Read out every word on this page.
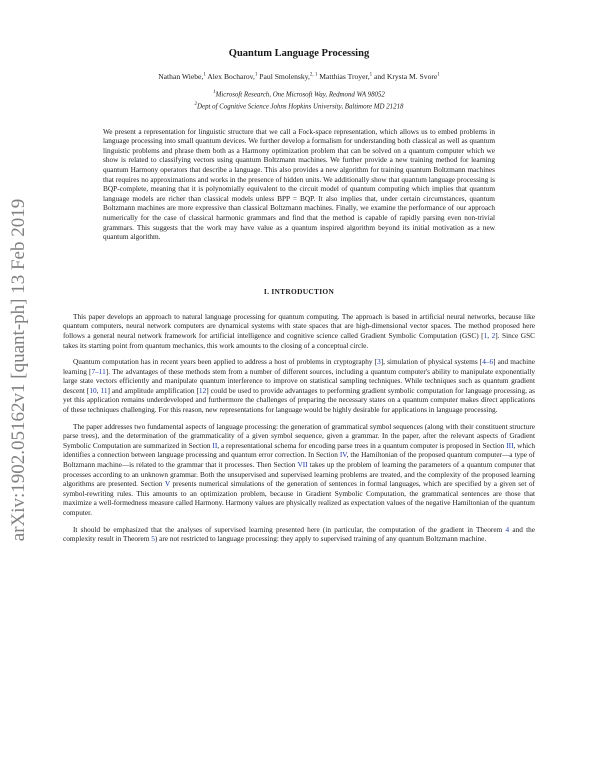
arXiv:1902.05162v1 [quant-ph] 13 Feb 2019
Quantum Language Processing
Nathan Wiebe,$^1$ Alex Bocharov,$^1$ Paul Smolensky,$^{2, 1}$ Matthias Troyer,$^1$ and Krysta M. Svore$^1$
$^1$Microsoft Research, One Microsoft Way, Redmond WA 98052
$^2$Dept of Cognitive Science Johns Hopkins University, Baltimore MD 21218
We present a representation for linguistic structure that we call a Fock-space representation, which allows us to embed problems in language processing into small quantum devices. We further develop a formalism for understanding both classical as well as quantum linguistic problems and phrase them both as a Harmony optimization problem that can be solved on a quantum computer which we show is related to classifying vectors using quantum Boltzmann machines. We further provide a new training method for learning quantum Harmony operators that describe a language. This also provides a new algorithm for training quantum Boltzmann machines that requires no approximations and works in the presence of hidden units. We additionally show that quantum language processing is BQP-complete, meaning that it is polynomially equivalent to the circuit model of quantum computing which implies that quantum language models are richer than classical models unless BPP = BQP. It also implies that, under certain circumstances, quantum Boltzmann machines are more expressive than classical Boltzmann machines. Finally, we examine the performance of our approach numerically for the case of classical harmonic grammars and find that the method is capable of rapidly parsing even non-trivial grammars. This suggests that the work may have value as a quantum inspired algorithm beyond its initial motivation as a new quantum algorithm.
I. INTRODUCTION

This paper develops an approach to natural language processing for quantum computing. The approach is based in artificial neural networks, because like quantum computers, neural network computers are dynamical systems with state spaces that are high-dimensional vector spaces. The method proposed here follows a general neural network framework for artificial intelligence and cognitive science called Gradient Symbolic Computation (GSC) [1, 2]. Since GSC takes its starting point from quantum mechanics, this work amounts to the closing of a conceptual circle.

Quantum computation has in recent years been applied to address a host of problems in cryptography [3], simulation of physical systems [4–6] and machine learning [7–11]. The advantages of these methods stem from a number of different sources, including a quantum computer's ability to manipulate exponentially large state vectors efficiently and manipulate quantum interference to improve on statistical sampling techniques. While techniques such as quantum gradient descent [10, 11] and amplitude amplification [12] could be used to provide advantages to performing gradient symbolic computation for language processing, as yet this application remains underdeveloped and furthermore the challenges of preparing the necessary states on a quantum computer makes direct applications of these techniques challenging. For this reason, new representations for language would be highly desirable for applications in language processing.

The paper addresses two fundamental aspects of language processing: the generation of grammatical symbol sequences (along with their constituent structure parse trees), and the determination of the grammaticality of a given symbol sequence, given a grammar. In the paper, after the relevant aspects of Gradient Symbolic Computation are summarized in Section II, a representational schema for encoding parse trees in a quantum computer is proposed in Section III, which identifies a connection between language processing and quantum error correction. In Section IV, the Hamiltonian of the proposed quantum computer—a type of Boltzmann machine—is related to the grammar that it processes. Then Section VII takes up the problem of learning the parameters of a quantum computer that processes according to an unknown grammar. Both the unsupervised and supervised learning problems are treated, and the complexity of the proposed learning algorithms are presented. Section V presents numerical simulations of the generation of sentences in formal languages, which are specified by a given set of symbol-rewriting rules. This amounts to an optimization problem, because in Gradient Symbolic Computation, the grammatical sentences are those that maximize a well-formedness measure called Harmony. Harmony values are physically realized as expectation values of the negative Hamiltonian of the quantum computer.

It should be emphasized that the analyses of supervised learning presented here (in particular, the computation of the gradient in Theorem 4 and the complexity result in Theorem 5) are not restricted to language processing: they apply to supervised training of any quantum Boltzmann machine.
